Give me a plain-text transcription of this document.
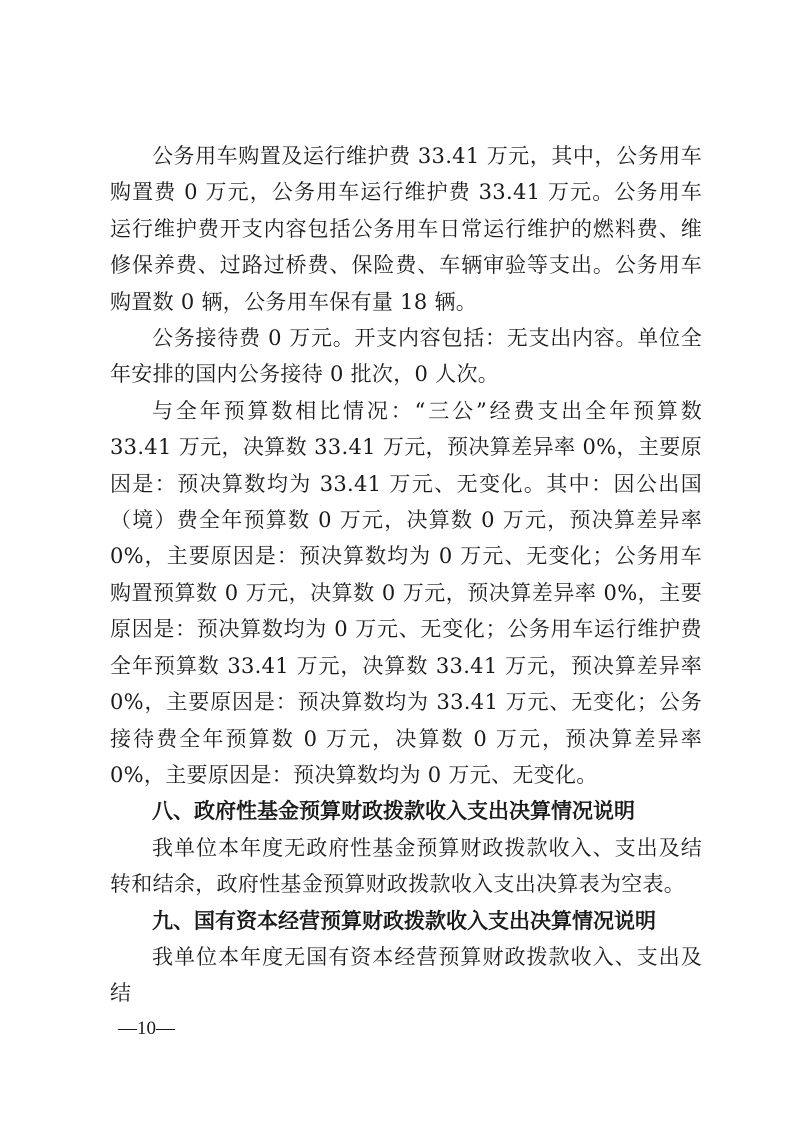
公务用车购置及运行维护费 33.41 万元，其中，公务用车购置费 0 万元，公务用车运行维护费 33.41 万元。公务用车运行维护费开支内容包括公务用车日常运行维护的燃料费、维修保养费、过路过桥费、保险费、车辆审验等支出。公务用车购置数 0 辆，公务用车保有量 18 辆。

公务接待费 0 万元。开支内容包括：无支出内容。单位全年安排的国内公务接待 0 批次，0 人次。

与全年预算数相比情况：“三公”经费支出全年预算数 33.41 万元，决算数 33.41 万元，预决算差异率 0%，主要原因是：预决算数均为 33.41 万元、无变化。其中：因公出国（境）费全年预算数 0 万元，决算数 0 万元，预决算差异率 0%，主要原因是：预决算数均为 0 万元、无变化；公务用车购置预算数 0 万元，决算数 0 万元，预决算差异率 0%，主要原因是：预决算数均为 0 万元、无变化；公务用车运行维护费全年预算数 33.41 万元，决算数 33.41 万元，预决算差异率 0%，主要原因是：预决算数均为 33.41 万元、无变化；公务接待费全年预算数 0 万元，决算数 0 万元，预决算差异率 0%，主要原因是：预决算数均为 0 万元、无变化。

八、政府性基金预算财政拨款收入支出决算情况说明

我单位本年度无政府性基金预算财政拨款收入、支出及结转和结余，政府性基金预算财政拨款收入支出决算表为空表。

九、国有资本经营预算财政拨款收入支出决算情况说明

我单位本年度无国有资本经营预算财政拨款收入、支出及结

—10—
